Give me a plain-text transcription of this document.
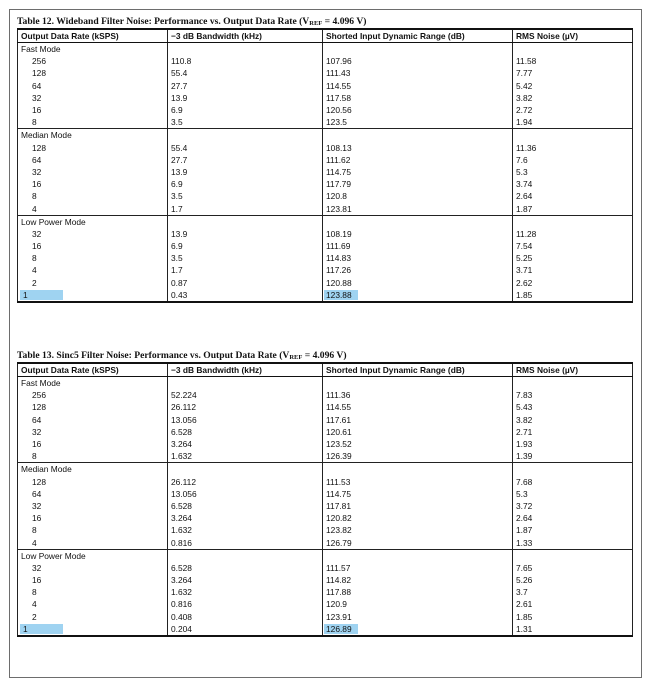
Table 12. Wideband Filter Noise: Performance vs. Output Data Rate (VREF = 4.096 V)
Output Data Rate (kSPS)	−3 dB Bandwidth (kHz)	Shorted Input Dynamic Range (dB)	RMS Noise (µV)
Fast Mode			
256	110.8	107.96	11.58
128	55.4	111.43	7.77
64	27.7	114.55	5.42
32	13.9	117.58	3.82
16	6.9	120.56	2.72
8	3.5	123.5	1.94
Median Mode			
128	55.4	108.13	11.36
64	27.7	111.62	7.6
32	13.9	114.75	5.3
16	6.9	117.79	3.74
8	3.5	120.8	2.64
4	1.7	123.81	1.87
Low Power Mode			
32	13.9	108.19	11.28
16	6.9	111.69	7.54
8	3.5	114.83	5.25
4	1.7	117.26	3.71
2	0.87	120.88	2.62
1	0.43	123.88	1.85
Table 13. Sinc5 Filter Noise: Performance vs. Output Data Rate (VREF = 4.096 V)
Output Data Rate (kSPS)	−3 dB Bandwidth (kHz)	Shorted Input Dynamic Range (dB)	RMS Noise (µV)
Fast Mode			
256	52.224	111.36	7.83
128	26.112	114.55	5.43
64	13.056	117.61	3.82
32	6.528	120.61	2.71
16	3.264	123.52	1.93
8	1.632	126.39	1.39
Median Mode			
128	26.112	111.53	7.68
64	13.056	114.75	5.3
32	6.528	117.81	3.72
16	3.264	120.82	2.64
8	1.632	123.82	1.87
4	0.816	126.79	1.33
Low Power Mode			
32	6.528	111.57	7.65
16	3.264	114.82	5.26
8	1.632	117.88	3.7
4	0.816	120.9	2.61
2	0.408	123.91	1.85
1	0.204	126.89	1.31
